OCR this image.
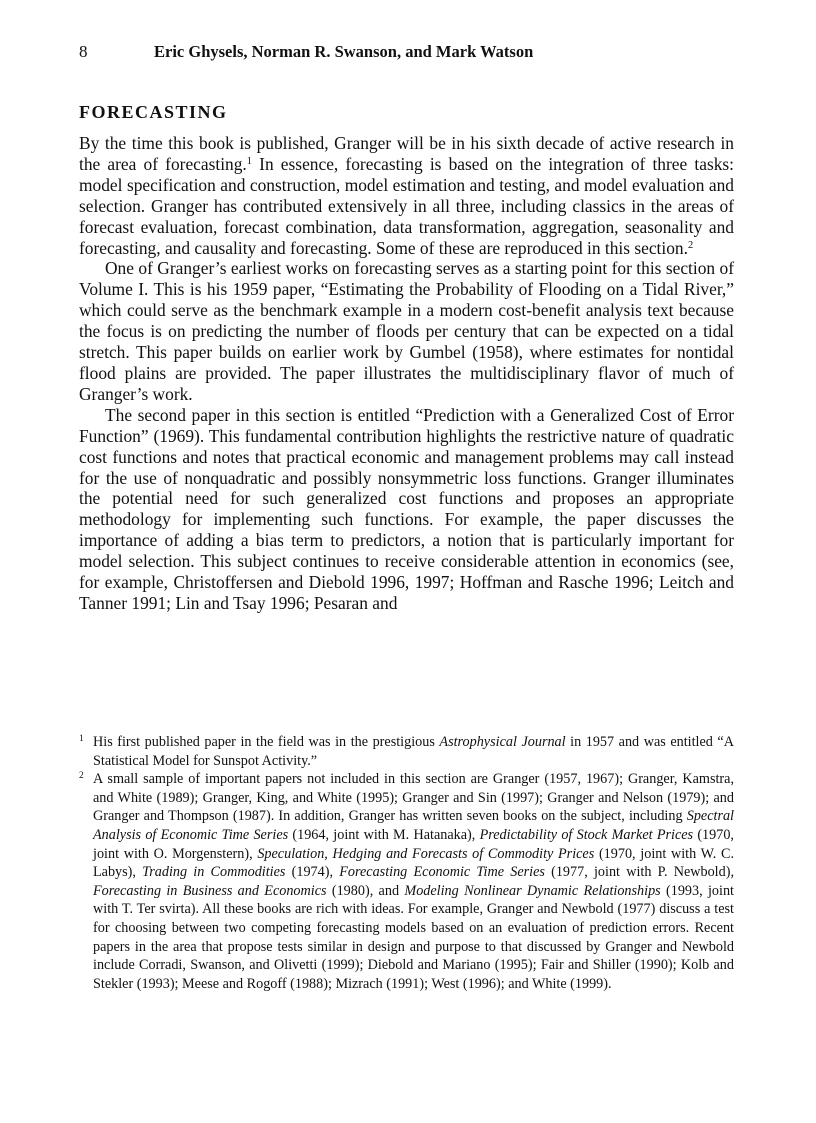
8	Eric Ghysels, Norman R. Swanson, and Mark Watson
FORECASTING

By the time this book is published, Granger will be in his sixth decade of active research in the area of forecasting.$^1$ In essence, forecasting is based on the integration of three tasks: model specification and construction, model estimation and testing, and model evaluation and selection. Granger has contributed extensively in all three, including classics in the areas of forecast evaluation, forecast combination, data transformation, aggregation, seasonality and forecasting, and causality and forecasting. Some of these are reproduced in this section.$^2$

One of Granger’s earliest works on forecasting serves as a starting point for this section of Volume I. This is his 1959 paper, “Estimating the Probability of Flooding on a Tidal River,” which could serve as the benchmark example in a modern cost-benefit analysis text because the focus is on predicting the number of floods per century that can be expected on a tidal stretch. This paper builds on earlier work by Gumbel (1958), where estimates for nontidal flood plains are provided. The paper illustrates the multidisciplinary flavor of much of Granger’s work.

The second paper in this section is entitled “Prediction with a Generalized Cost of Error Function” (1969). This fundamental contribution highlights the restrictive nature of quadratic cost functions and notes that practical economic and management problems may call instead for the use of nonquadratic and possibly nonsymmetric loss functions. Granger illuminates the potential need for such generalized cost functions and proposes an appropriate methodology for implementing such functions. For example, the paper discusses the importance of adding a bias term to predictors, a notion that is particularly important for model selection. This subject continues to receive considerable attention in economics (see, for example, Christoffersen and Diebold 1996, 1997; Hoffman and Rasche 1996; Leitch and Tanner 1991; Lin and Tsay 1996; Pesaran and

1 His first published paper in the field was in the prestigious Astrophysical Journal in 1957 and was entitled “A Statistical Model for Sunspot Activity.”

2 A small sample of important papers not included in this section are Granger (1957, 1967); Granger, Kamstra, and White (1989); Granger, King, and White (1995); Granger and Sin (1997); Granger and Nelson (1979); and Granger and Thompson (1987). In addition, Granger has written seven books on the subject, including Spectral Analysis of Economic Time Series (1964, joint with M. Hatanaka), Predictability of Stock Market Prices (1970, joint with O. Morgenstern), Speculation, Hedging and Forecasts of Commodity Prices (1970, joint with W. C. Labys), Trading in Commodities (1974), Forecasting Economic Time Series (1977, joint with P. Newbold), Forecasting in Business and Economics (1980), and Modeling Nonlinear Dynamic Relationships (1993, joint with T. Ter svirta). All these books are rich with ideas. For example, Granger and Newbold (1977) discuss a test for choosing between two competing forecasting models based on an evaluation of prediction errors. Recent papers in the area that propose tests similar in design and purpose to that discussed by Granger and Newbold include Corradi, Swanson, and Olivetti (1999); Diebold and Mariano (1995); Fair and Shiller (1990); Kolb and Stekler (1993); Meese and Rogoff (1988); Mizrach (1991); West (1996); and White (1999).
